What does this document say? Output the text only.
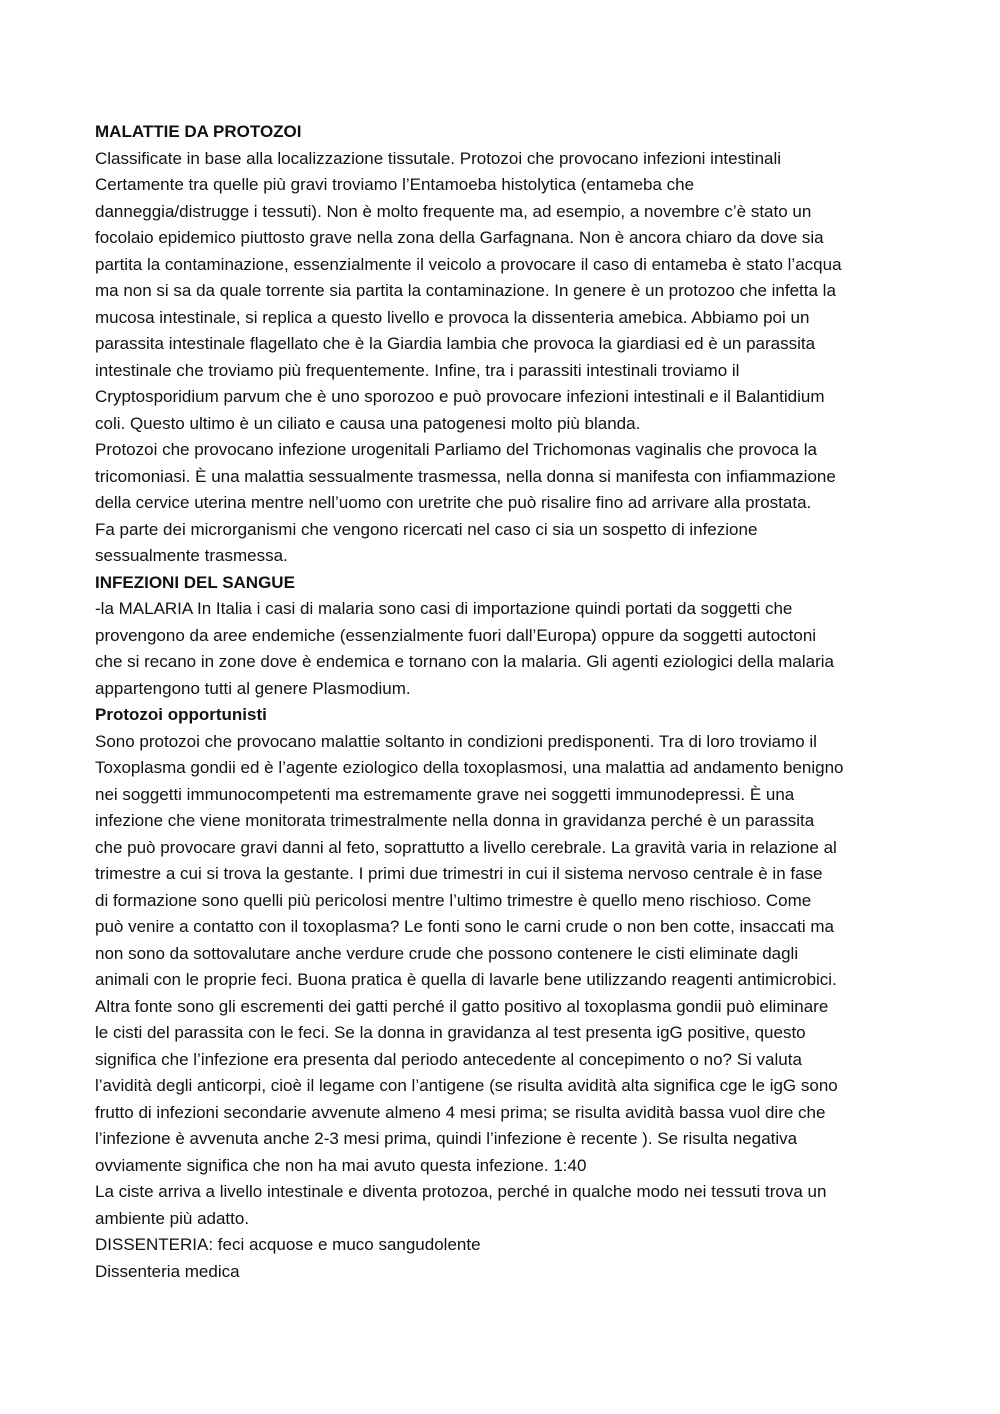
MALATTIE DA PROTOZOI
Classificate in base alla localizzazione tissutale. Protozoi che provocano infezioni intestinali
Certamente tra quelle più gravi troviamo l’Entamoeba histolytica (entameba che
danneggia/distrugge i tessuti). Non è molto frequente ma, ad esempio, a novembre c’è stato un
focolaio epidemico piuttosto grave nella zona della Garfagnana. Non è ancora chiaro da dove sia
partita la contaminazione, essenzialmente il veicolo a provocare il caso di entameba è stato l’acqua
ma non si sa da quale torrente sia partita la contaminazione. In genere è un protozoo che infetta la
mucosa intestinale, si replica a questo livello e provoca la dissenteria amebica. Abbiamo poi un
parassita intestinale flagellato che è la Giardia lambia che provoca la giardiasi ed è un parassita
intestinale che troviamo più frequentemente. Infine, tra i parassiti intestinali troviamo il
Cryptosporidium parvum che è uno sporozoo e può provocare infezioni intestinali e il Balantidium
coli. Questo ultimo è un ciliato e causa una patogenesi molto più blanda.
Protozoi che provocano infezione urogenitali Parliamo del Trichomonas vaginalis che provoca la
tricomoniasi. È una malattia sessualmente trasmessa, nella donna si manifesta con infiammazione
della cervice uterina mentre nell’uomo con uretrite che può risalire fino ad arrivare alla prostata.
Fa parte dei microrganismi che vengono ricercati nel caso ci sia un sospetto di infezione
sessualmente trasmessa.
INFEZIONI DEL SANGUE
-la MALARIA In Italia i casi di malaria sono casi di importazione quindi portati da soggetti che
provengono da aree endemiche (essenzialmente fuori dall’Europa) oppure da soggetti autoctoni
che si recano in zone dove è endemica e tornano con la malaria. Gli agenti eziologici della malaria
appartengono tutti al genere Plasmodium.
Protozoi opportunisti
Sono protozoi che provocano malattie soltanto in condizioni predisponenti. Tra di loro troviamo il
Toxoplasma gondii ed è l’agente eziologico della toxoplasmosi, una malattia ad andamento benigno
nei soggetti immunocompetenti ma estremamente grave nei soggetti immunodepressi. È una
infezione che viene monitorata trimestralmente nella donna in gravidanza perché è un parassita
che può provocare gravi danni al feto, soprattutto a livello cerebrale. La gravità varia in relazione al
trimestre a cui si trova la gestante. I primi due trimestri in cui il sistema nervoso centrale è in fase
di formazione sono quelli più pericolosi mentre l’ultimo trimestre è quello meno rischioso. Come
può venire a contatto con il toxoplasma? Le fonti sono le carni crude o non ben cotte, insaccati ma
non sono da sottovalutare anche verdure crude che possono contenere le cisti eliminate dagli
animali con le proprie feci. Buona pratica è quella di lavarle bene utilizzando reagenti antimicrobici.
Altra fonte sono gli escrementi dei gatti perché il gatto positivo al toxoplasma gondii può eliminare
le cisti del parassita con le feci. Se la donna in gravidanza al test presenta igG positive, questo
significa che l’infezione era presenta dal periodo antecedente al concepimento o no? Si valuta
l’avidità degli anticorpi, cioè il legame con l’antigene (se risulta avidità alta significa cge le igG sono
frutto di infezioni secondarie avvenute almeno 4 mesi prima; se risulta avidità bassa vuol dire che
l’infezione è avvenuta anche 2-3 mesi prima, quindi l’infezione è recente ). Se risulta negativa
ovviamente significa che non ha mai avuto questa infezione. 1:40
La ciste arriva a livello intestinale e diventa protozoa, perché in qualche modo nei tessuti trova un
ambiente più adatto.
DISSENTERIA: feci acquose e muco sangudolente
Dissenteria medica
